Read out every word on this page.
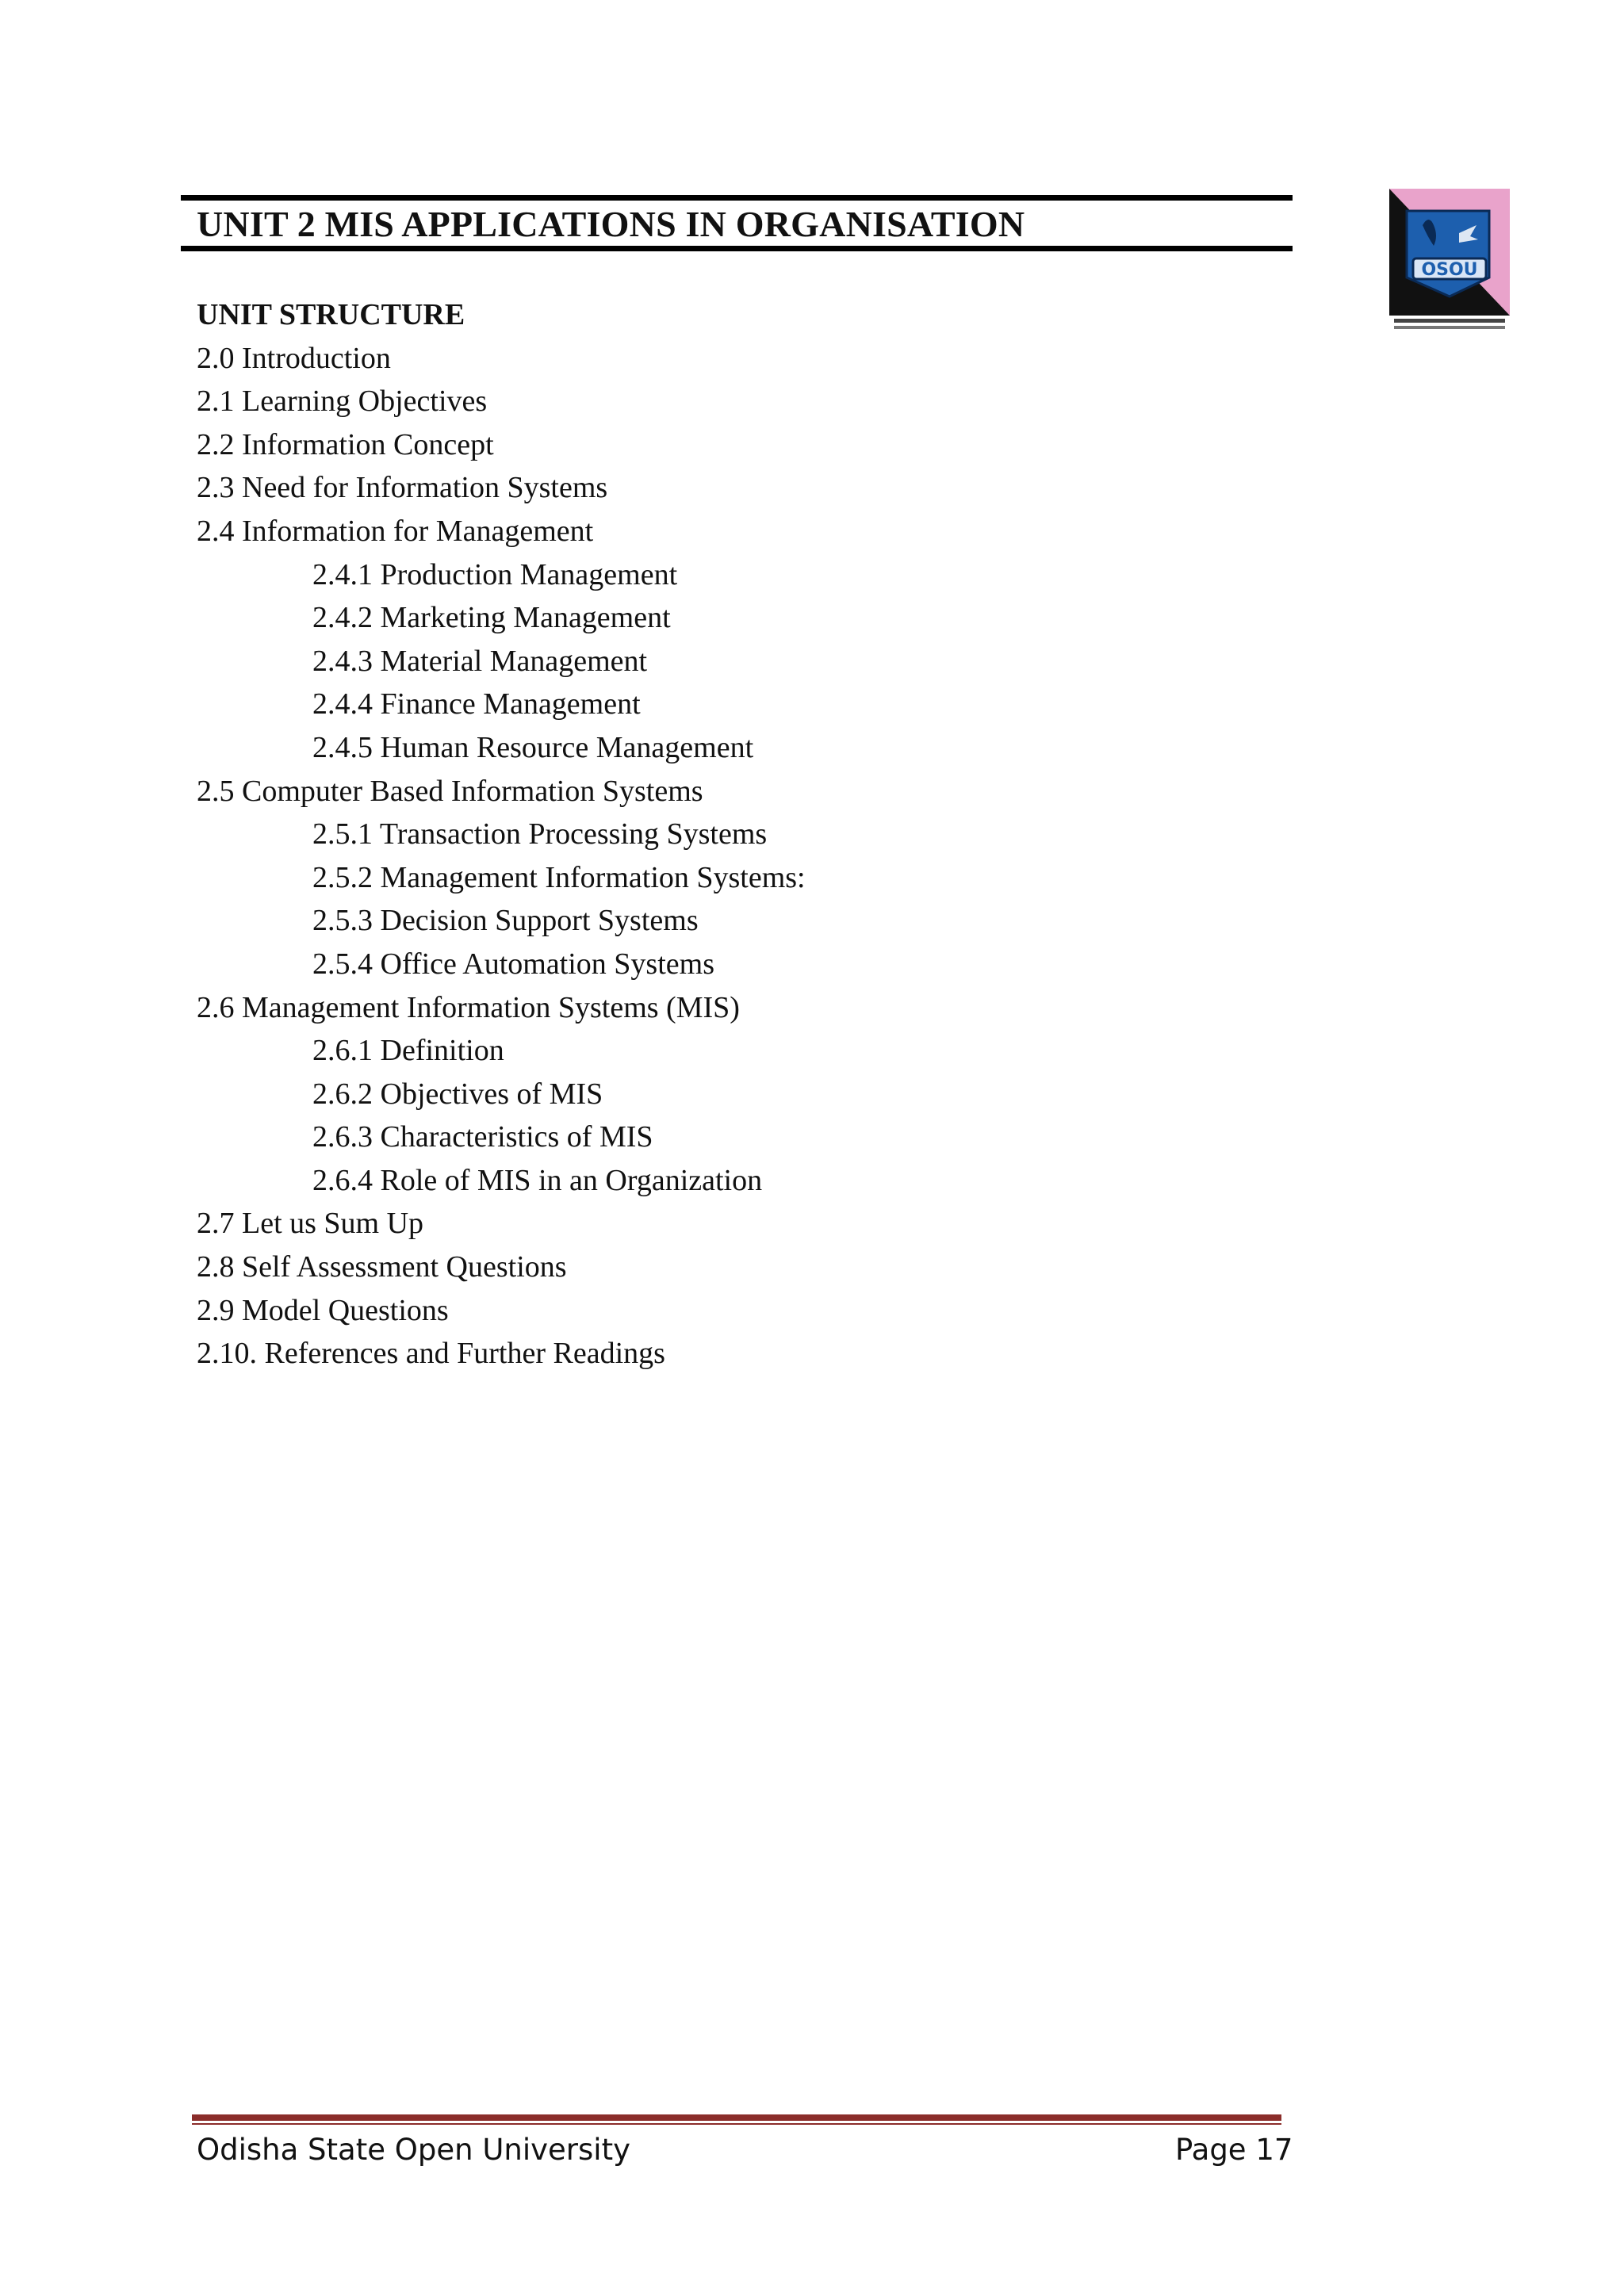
UNIT 2 MIS APPLICATIONS IN ORGANISATION
OSOU
UNIT STRUCTURE
2.0 Introduction
2.1 Learning Objectives
2.2 Information Concept
2.3 Need for Information Systems
2.4 Information for Management
2.4.1 Production Management
2.4.2 Marketing Management
2.4.3 Material Management
2.4.4 Finance Management
2.4.5 Human Resource Management
2.5 Computer Based Information Systems
2.5.1 Transaction Processing Systems
2.5.2 Management Information Systems:
2.5.3 Decision Support Systems
2.5.4 Office Automation Systems
2.6 Management Information Systems (MIS)
2.6.1 Definition
2.6.2 Objectives of MIS
2.6.3 Characteristics of MIS
2.6.4 Role of MIS in an Organization
2.7 Let us Sum Up
2.8 Self Assessment Questions
2.9 Model Questions
2.10. References and Further Readings
Odisha State Open University	Page 17
